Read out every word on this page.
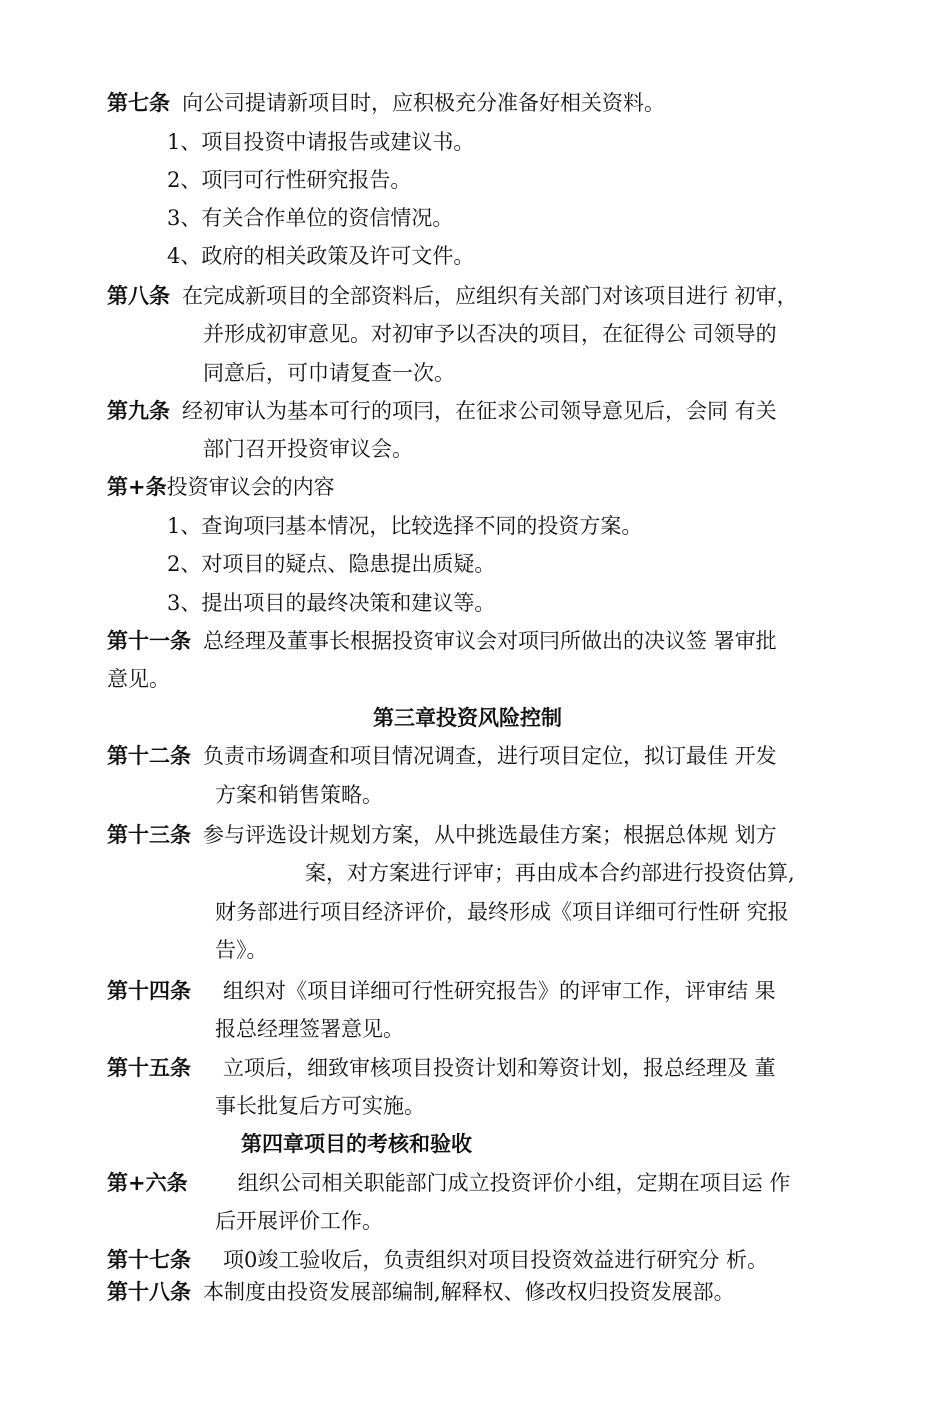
第七条 向公司提请新项目时，应积极充分准备好相关资料。
1、项目投资中请报告或建议书。
2、项冃可行性研究报告。
3、有关合作单位的资信情况。
4、政府的相关政策及许可文件。
第八条 在完成新项目的全部资料后，应组织有关部门对该项目进行 初审，
并形成初审意见。对初审予以否决的项目，在征得公 司领导的
同意后，可巾请复查一次。
第九条 经初审认为基本可行的项冃，在征求公司领导意见后，会同 有关
部门召开投资审议会。
第+条投资审议会的内容
1、查询项冃基本情况，比较选择不同的投资方案。
2、对项目的疑点、隐患提出质疑。
3、提出项目的最终决策和建议等。
第十一条 总经理及董事长根据投资审议会对项冃所做出的决议签 署审批
意见。
第三章投资风险控制
第十二条 负责市场调查和项目情况调查，进行项目定位，拟订最佳 开发
方案和销售策略。
第十三条 参与评选设计规划方案，从中挑选最佳方案；根据总体规 划方
案，对方案进行评审；再由成本合约部进行投资估算,
财务部进行项目经济评价，最终形成《项目详细可行性研 究报
告》。
第十四条 组织对《项目详细可行性研究报告》的评审工作，评审结 果
报总经理签署意见。
第十五条 立项后，细致审核项目投资计划和筹资计划，报总经理及 董
事长批复后方可实施。
第四章项目的考核和验收
第+六条 组织公司相关职能部门成立投资评价小组，定期在项目运 作
后开展评价工作。
第十七条 项0竣工验收后，负责组织对项目投资效益进行研究分 析。
第十八条 本制度由投资发展部编制,解释权、修改权归投资发展部。
